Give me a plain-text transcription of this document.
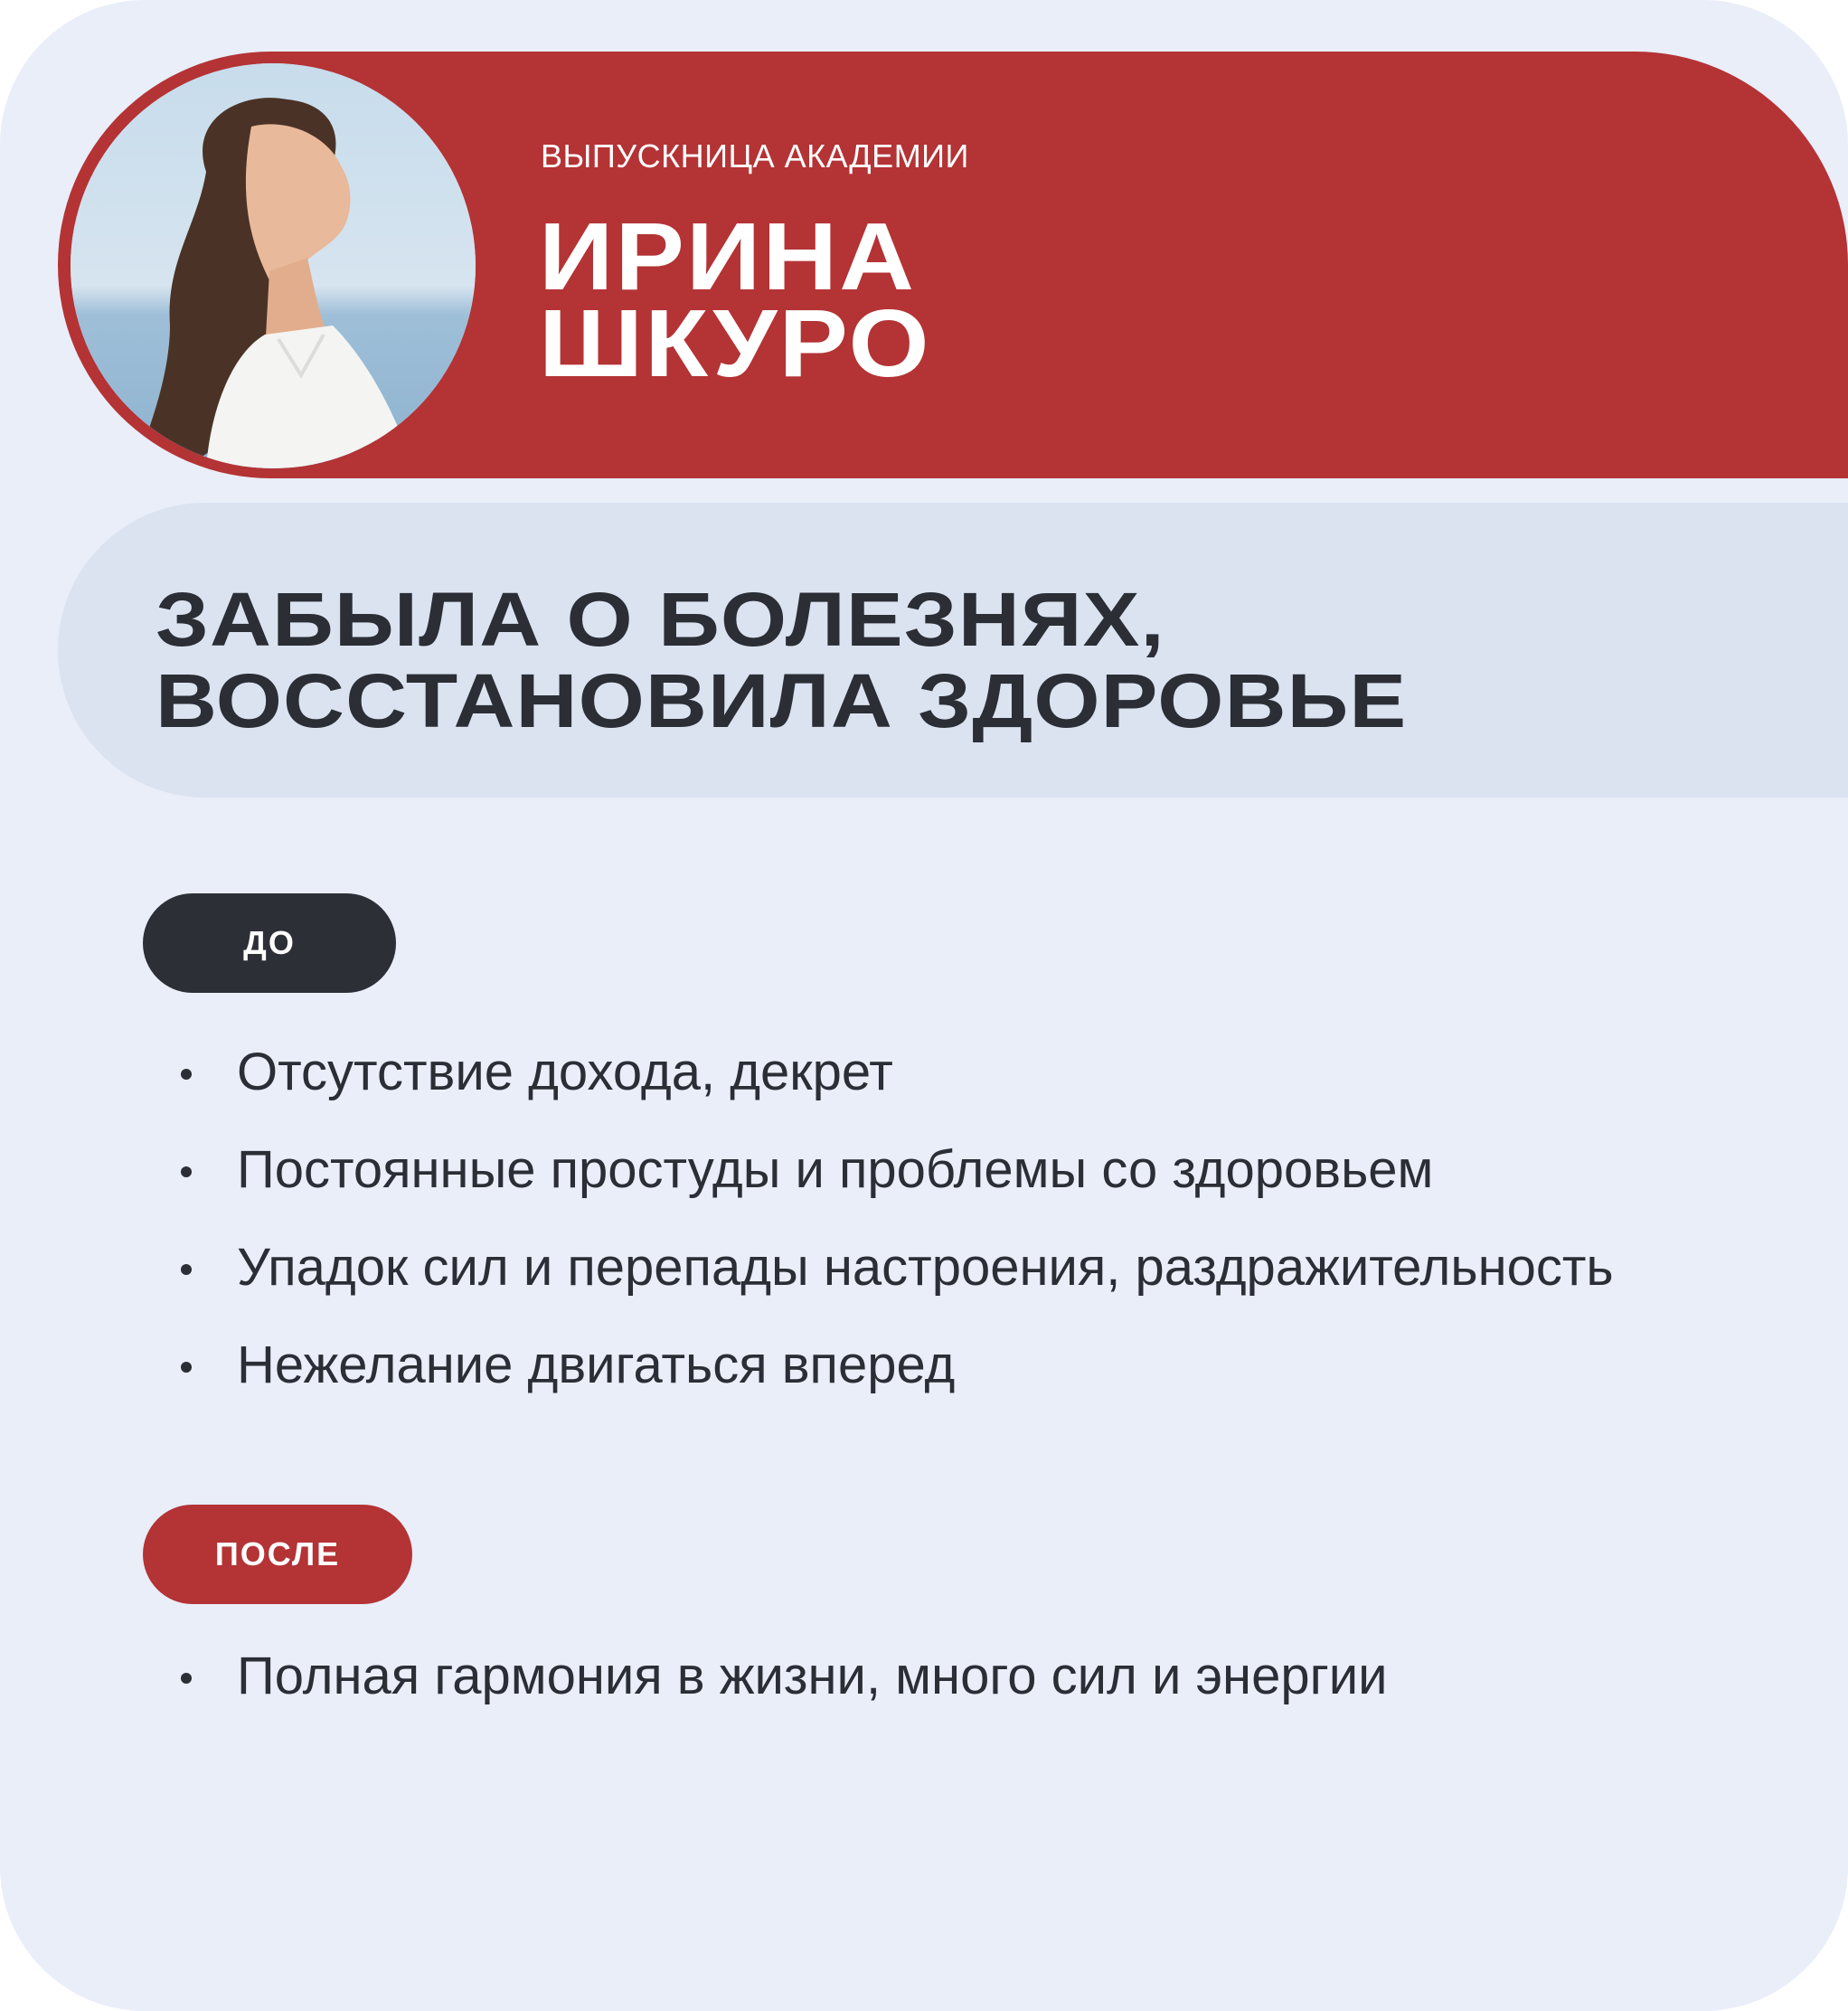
ВЫПУСКНИЦА АКАДЕМИИ
ИРИНА
ШКУРО
ЗАБЫЛА О БОЛЕЗНЯХ,
ВОССТАНОВИЛА ЗДОРОВЬЕ
ДО
Отсутствие дохода, декрет
Постоянные простуды и проблемы со здоровьем
Упадок сил и перепады настроения, раздражительность
Нежелание двигаться вперед
ПОСЛЕ
Полная гармония в жизни, много сил и энергии
